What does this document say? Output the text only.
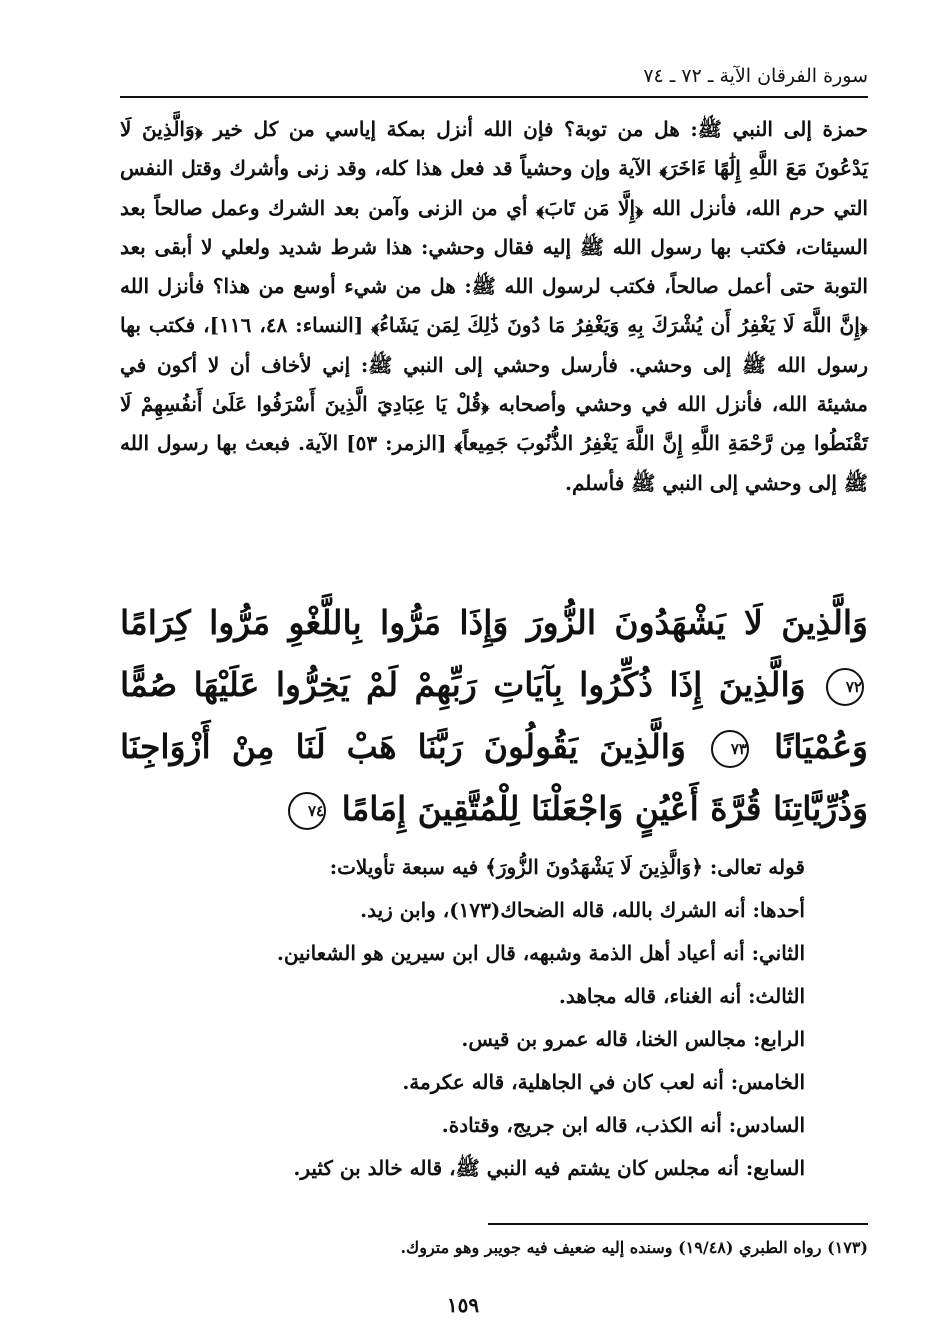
سورة الفرقان الآية ـ ٧٢ ـ ٧٤
حمزة إلى النبي ﷺ: هل من توبة؟ فإن الله أنزل بمكة إياسي من كل خير ﴿وَالَّذِينَ لَا يَدْعُونَ مَعَ اللَّهِ إِلَٰهًا ءَاخَرَ﴾ الآية وإن وحشياً قد فعل هذا كله، وقد زنى وأشرك وقتل النفس التي حرم الله، فأنزل الله ﴿إِلَّا مَن تَابَ﴾ أي من الزنى وآمن بعد الشرك وعمل صالحاً بعد السيئات، فكتب بها رسول الله ﷺ إليه فقال وحشي: هذا شرط شديد ولعلي لا أبقى بعد التوبة حتى أعمل صالحاً، فكتب لرسول الله ﷺ: هل من شيء أوسع من هذا؟ فأنزل الله ﴿إِنَّ اللَّهَ لَا يَغْفِرُ أَن يُشْرَكَ بِهِ وَيَغْفِرُ مَا دُونَ ذَٰلِكَ لِمَن يَشَاءُ﴾ [النساء: ٤٨، ١١٦]، فكتب بها رسول الله ﷺ إلى وحشي. فأرسل وحشي إلى النبي ﷺ: إني لأخاف أن لا أكون في مشيئة الله، فأنزل الله في وحشي وأصحابه ﴿قُلْ يَا عِبَادِيَ الَّذِينَ أَسْرَفُوا عَلَىٰ أَنفُسِهِمْ لَا تَقْنَطُوا مِن رَّحْمَةِ اللَّهِ إِنَّ اللَّهَ يَغْفِرُ الذُّنُوبَ جَمِيعاً﴾ [الزمر: ٥٣] الآية. فبعث بها رسول الله ﷺ إلى وحشي إلى النبي ﷺ فأسلم.
وَالَّذِينَ لَا يَشْهَدُونَ الزُّورَ وَإِذَا مَرُّوا بِاللَّغْوِ مَرُّوا كِرَامًا ٧٢ وَالَّذِينَ إِذَا ذُكِّرُوا بِآيَاتِ رَبِّهِمْ لَمْ يَخِرُّوا عَلَيْهَا صُمًّا وَعُمْيَانًا ٧٣ وَالَّذِينَ يَقُولُونَ رَبَّنَا هَبْ لَنَا مِنْ أَزْوَاجِنَا وَذُرِّيَّاتِنَا قُرَّةَ أَعْيُنٍ وَاجْعَلْنَا لِلْمُتَّقِينَ إِمَامًا ٧٤
قوله تعالى: ﴿وَالَّذِينَ لَا يَشْهَدُونَ الزُّورَ﴾ فيه سبعة تأويلات:
أحدها: أنه الشرك بالله، قاله الضحاك(١٧٣)، وابن زيد.
الثاني: أنه أعياد أهل الذمة وشبهه، قال ابن سيرين هو الشعانين.
الثالث: أنه الغناء، قاله مجاهد.
الرابع: مجالس الخنا، قاله عمرو بن قيس.
الخامس: أنه لعب كان في الجاهلية، قاله عكرمة.
السادس: أنه الكذب، قاله ابن جريج، وقتادة.
السابع: أنه مجلس كان يشتم فيه النبي ﷺ، قاله خالد بن كثير.
(١٧٣) رواه الطبري (١٩/٤٨) وسنده إليه ضعيف فيه جويبر وهو متروك.
١٥٩
